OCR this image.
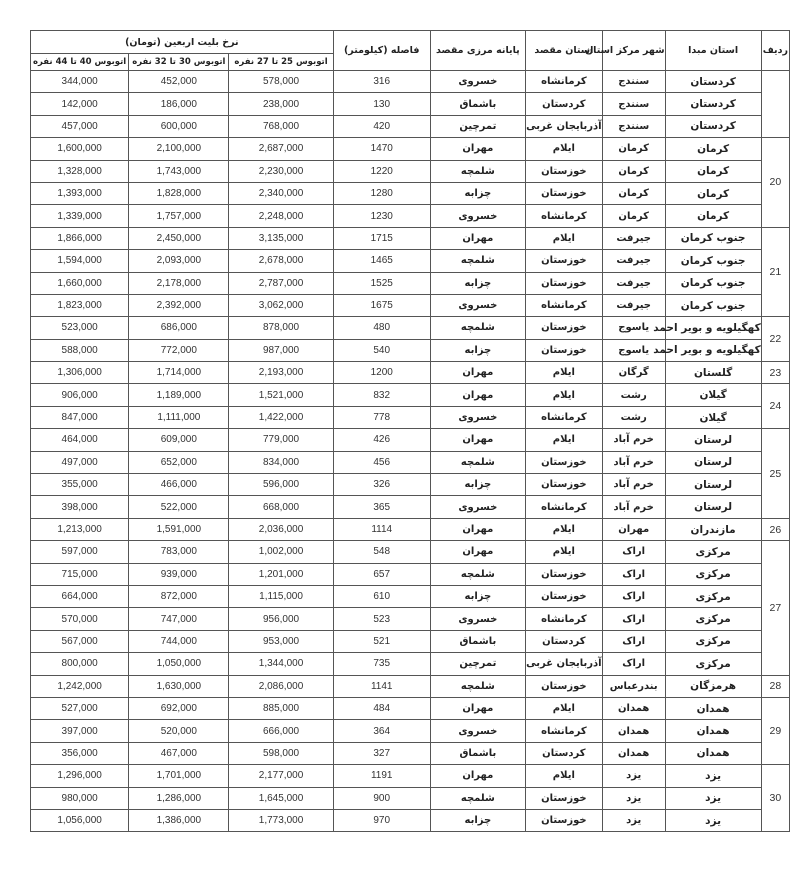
ردیف	استان مبدا	شهر مرکز استان	استان مقصد	پایانه مرزی مقصد	فاصله (کیلومتر)	نرخ بلیت اربعین (تومان)		
						اتوبوس 25 تا 27 نفره	اتوبوس 30 تا 32 نفره	اتوبوس 40 تا 44 نفره
	کردستان	سنندج	کرمانشاه	خسروی	316	578,000	452,000	344,000
	کردستان	سنندج	کردستان	باشماق	130	238,000	186,000	142,000
	کردستان	سنندج	آذربایجان غربی	تمرچین	420	768,000	600,000	457,000
20	کرمان	کرمان	ایلام	مهران	1470	2,687,000	2,100,000	1,600,000
	کرمان	کرمان	خوزستان	شلمچه	1220	2,230,000	1,743,000	1,328,000
	کرمان	کرمان	خوزستان	چزابه	1280	2,340,000	1,828,000	1,393,000
	کرمان	کرمان	کرمانشاه	خسروی	1230	2,248,000	1,757,000	1,339,000
21	جنوب کرمان	جیرفت	ایلام	مهران	1715	3,135,000	2,450,000	1,866,000
	جنوب کرمان	جیرفت	خوزستان	شلمچه	1465	2,678,000	2,093,000	1,594,000
	جنوب کرمان	جیرفت	خوزستان	چزابه	1525	2,787,000	2,178,000	1,660,000
	جنوب کرمان	جیرفت	کرمانشاه	خسروی	1675	3,062,000	2,392,000	1,823,000
22	کهگیلویه و بویر احمد	یاسوج	خوزستان	شلمچه	480	878,000	686,000	523,000
	کهگیلویه و بویر احمد	یاسوج	خوزستان	چزابه	540	987,000	772,000	588,000
23	گلستان	گرگان	ایلام	مهران	1200	2,193,000	1,714,000	1,306,000
24	گیلان	رشت	ایلام	مهران	832	1,521,000	1,189,000	906,000
	گیلان	رشت	کرمانشاه	خسروی	778	1,422,000	1,111,000	847,000
25	لرستان	خرم آباد	ایلام	مهران	426	779,000	609,000	464,000
	لرستان	خرم آباد	خوزستان	شلمچه	456	834,000	652,000	497,000
	لرستان	خرم آباد	خوزستان	چزابه	326	596,000	466,000	355,000
	لرستان	خرم آباد	کرمانشاه	خسروی	365	668,000	522,000	398,000
26	مازندران	مهران	ایلام	مهران	1114	2,036,000	1,591,000	1,213,000
27	مرکزی	اراک	ایلام	مهران	548	1,002,000	783,000	597,000
	مرکزی	اراک	خوزستان	شلمچه	657	1,201,000	939,000	715,000
	مرکزی	اراک	خوزستان	چزابه	610	1,115,000	872,000	664,000
	مرکزی	اراک	کرمانشاه	خسروی	523	956,000	747,000	570,000
	مرکزی	اراک	کردستان	باشماق	521	953,000	744,000	567,000
	مرکزی	اراک	آذربایجان غربی	تمرچین	735	1,344,000	1,050,000	800,000
28	هرمزگان	بندرعباس	خوزستان	شلمچه	1141	2,086,000	1,630,000	1,242,000
29	همدان	همدان	ایلام	مهران	484	885,000	692,000	527,000
	همدان	همدان	کرمانشاه	خسروی	364	666,000	520,000	397,000
	همدان	همدان	کردستان	باشماق	327	598,000	467,000	356,000
30	یزد	یزد	ایلام	مهران	1191	2,177,000	1,701,000	1,296,000
	یزد	یزد	خوزستان	شلمچه	900	1,645,000	1,286,000	980,000
	یزد	یزد	خوزستان	چزابه	970	1,773,000	1,386,000	1,056,000
